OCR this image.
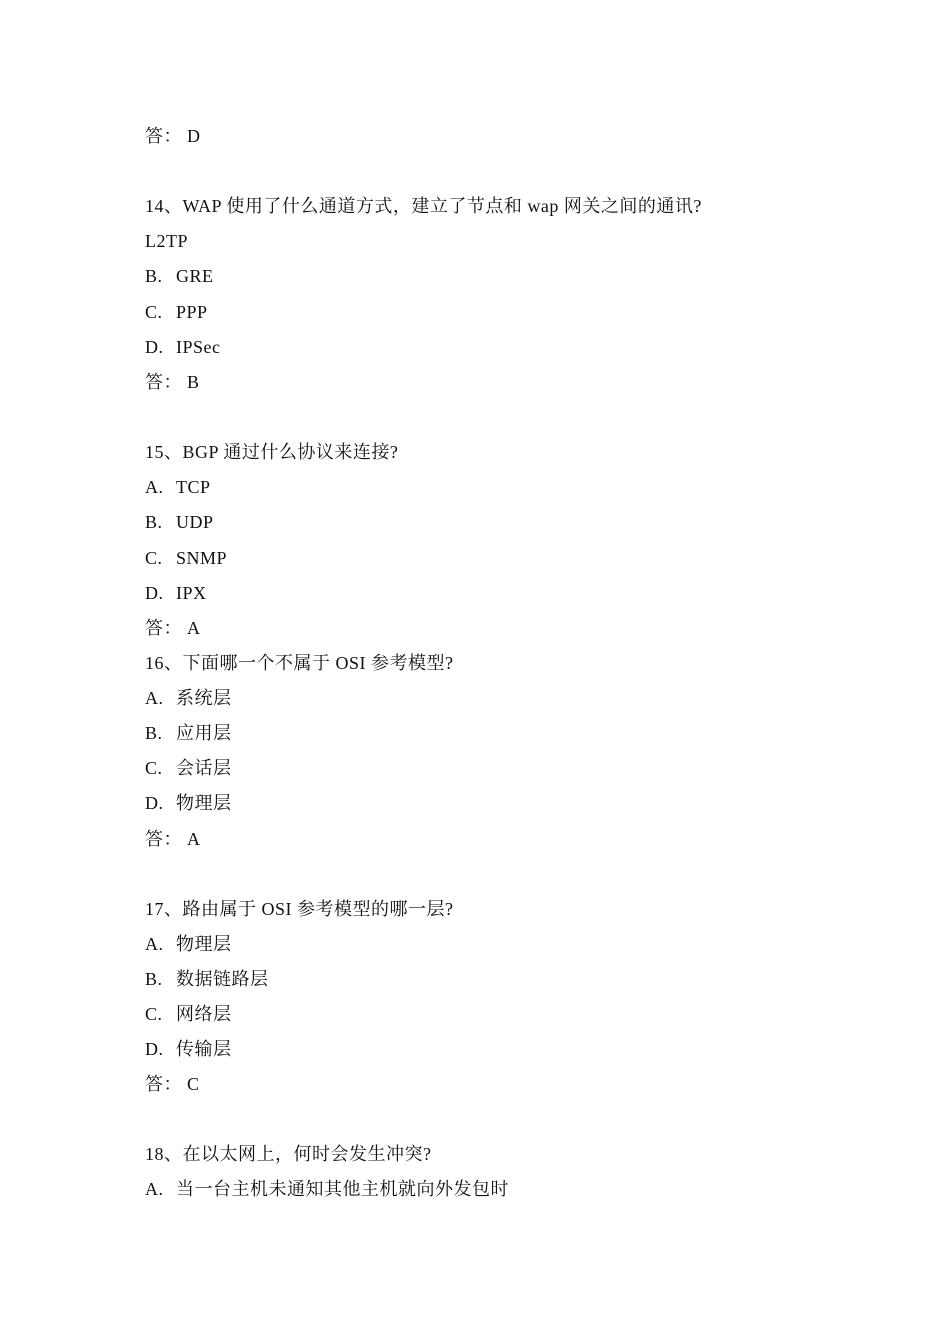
答： D
14、WAP 使用了什么通道方式，建立了节点和 wap 网关之间的通讯?
L2TP
B. GRE
C. PPP
D. IPSec
答： B
15、BGP 通过什么协议来连接?
A. TCP
B. UDP
C. SNMP
D. IPX
答： A
16、下面哪一个不属于 OSI 参考模型?
A. 系统层
B. 应用层
C. 会话层
D. 物理层
答： A
17、路由属于 OSI 参考模型的哪一层?
A. 物理层
B. 数据链路层
C. 网络层
D. 传输层
答： C
18、在以太网上，何时会发生冲突?
A. 当一台主机未通知其他主机就向外发包时
